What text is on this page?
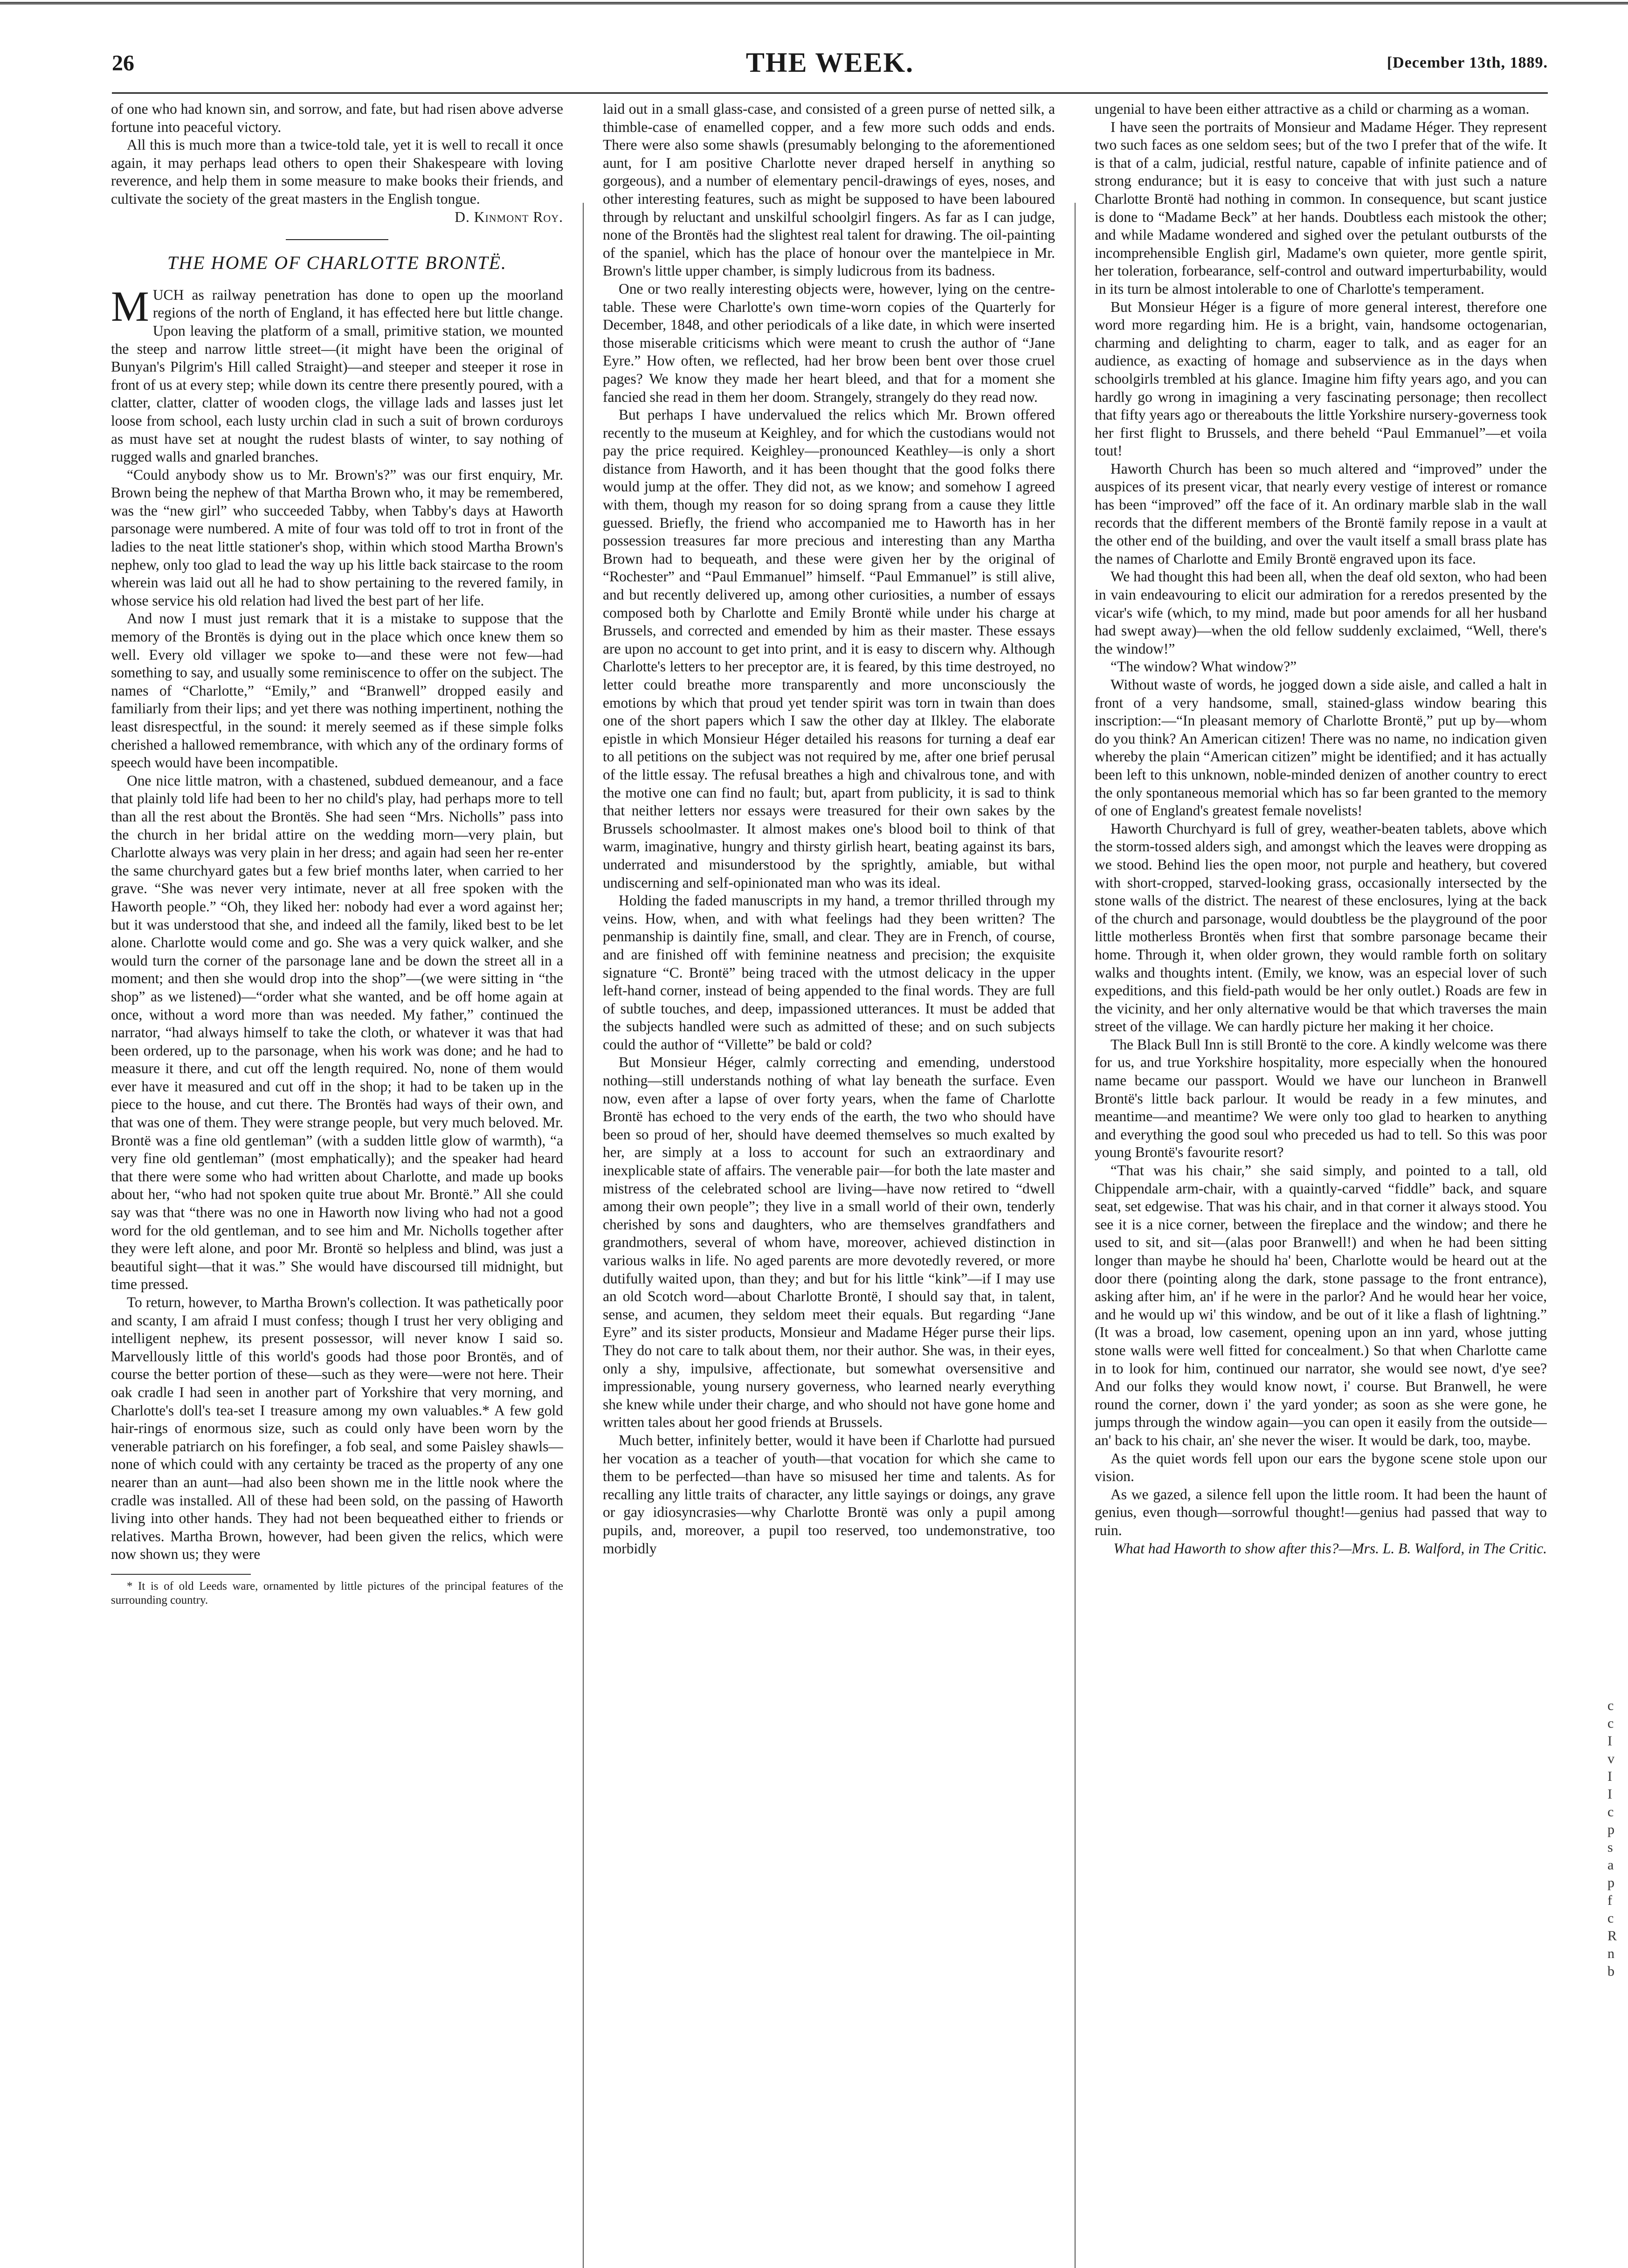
26	THE WEEK.	[December 13th, 1889.

of one who had known sin, and sorrow, and fate, but had risen above adverse fortune into peaceful victory.

All this is much more than a twice-told tale, yet it is well to recall it once again, it may perhaps lead others to open their Shakespeare with loving reverence, and help them in some measure to make books their friends, and cultivate the society of the great masters in the English tongue.

D. Kinmont Roy.

THE HOME OF CHARLOTTE BRONTË.

MUCH as railway penetration has done to open up the moorland regions of the north of England, it has effected here but little change. Upon leaving the platform of a small, primitive station, we mounted the steep and narrow little street—(it might have been the original of Bunyan's Pilgrim's Hill called Straight)—and steeper and steeper it rose in front of us at every step; while down its centre there presently poured, with a clatter, clatter, clatter of wooden clogs, the village lads and lasses just let loose from school, each lusty urchin clad in such a suit of brown corduroys as must have set at nought the rudest blasts of winter, to say nothing of rugged walls and gnarled branches.

“Could anybody show us to Mr. Brown's?” was our first enquiry, Mr. Brown being the nephew of that Martha Brown who, it may be remembered, was the “new girl” who succeeded Tabby, when Tabby's days at Haworth parsonage were numbered. A mite of four was told off to trot in front of the ladies to the neat little stationer's shop, within which stood Martha Brown's nephew, only too glad to lead the way up his little back staircase to the room wherein was laid out all he had to show pertaining to the revered family, in whose service his old relation had lived the best part of her life.

And now I must just remark that it is a mistake to suppose that the memory of the Brontës is dying out in the place which once knew them so well. Every old villager we spoke to—and these were not few—had something to say, and usually some reminiscence to offer on the subject. The names of “Charlotte,” “Emily,” and “Branwell” dropped easily and familiarly from their lips; and yet there was nothing impertinent, nothing the least disrespectful, in the sound: it merely seemed as if these simple folks cherished a hallowed remembrance, with which any of the ordinary forms of speech would have been incompatible.

One nice little matron, with a chastened, subdued demeanour, and a face that plainly told life had been to her no child's play, had perhaps more to tell than all the rest about the Brontës. She had seen “Mrs. Nicholls” pass into the church in her bridal attire on the wedding morn—very plain, but Charlotte always was very plain in her dress; and again had seen her re-enter the same churchyard gates but a few brief months later, when carried to her grave. “She was never very intimate, never at all free spoken with the Haworth people.” “Oh, they liked her: nobody had ever a word against her; but it was understood that she, and indeed all the family, liked best to be let alone. Charlotte would come and go. She was a very quick walker, and she would turn the corner of the parsonage lane and be down the street all in a moment; and then she would drop into the shop”—(we were sitting in “the shop” as we listened)—“order what she wanted, and be off home again at once, without a word more than was needed. My father,” continued the narrator, “had always himself to take the cloth, or whatever it was that had been ordered, up to the parsonage, when his work was done; and he had to measure it there, and cut off the length required. No, none of them would ever have it measured and cut off in the shop; it had to be taken up in the piece to the house, and cut there. The Brontës had ways of their own, and that was one of them. They were strange people, but very much beloved. Mr. Brontë was a fine old gentleman” (with a sudden little glow of warmth), “a very fine old gentleman” (most emphatically); and the speaker had heard that there were some who had written about Charlotte, and made up books about her, “who had not spoken quite true about Mr. Brontë.” All she could say was that “there was no one in Haworth now living who had not a good word for the old gentleman, and to see him and Mr. Nicholls together after they were left alone, and poor Mr. Brontë so helpless and blind, was just a beautiful sight—that it was.” She would have discoursed till midnight, but time pressed.

To return, however, to Martha Brown's collection. It was pathetically poor and scanty, I am afraid I must confess; though I trust her very obliging and intelligent nephew, its present possessor, will never know I said so. Marvellously little of this world's goods had those poor Brontës, and of course the better portion of these—such as they were—were not here. Their oak cradle I had seen in another part of Yorkshire that very morning, and Charlotte's doll's tea-set I treasure among my own valuables.* A few gold hair-rings of enormous size, such as could only have been worn by the venerable patriarch on his forefinger, a fob seal, and some Paisley shawls—none of which could with any certainty be traced as the property of any one nearer than an aunt—had also been shown me in the little nook where the cradle was installed. All of these had been sold, on the passing of Haworth living into other hands. They had not been bequeathed either to friends or relatives. Martha Brown, however, had been given the relics, which were now shown us; they were

* It is of old Leeds ware, ornamented by little pictures of the principal features of the surrounding country.

laid out in a small glass-case, and consisted of a green purse of netted silk, a thimble-case of enamelled copper, and a few more such odds and ends. There were also some shawls (presumably belonging to the aforementioned aunt, for I am positive Charlotte never draped herself in anything so gorgeous), and a number of elementary pencil-drawings of eyes, noses, and other interesting features, such as might be supposed to have been laboured through by reluctant and unskilful schoolgirl fingers. As far as I can judge, none of the Brontës had the slightest real talent for drawing. The oil-painting of the spaniel, which has the place of honour over the mantelpiece in Mr. Brown's little upper chamber, is simply ludicrous from its badness.

One or two really interesting objects were, however, lying on the centre-table. These were Charlotte's own time-worn copies of the Quarterly for December, 1848, and other periodicals of a like date, in which were inserted those miserable criticisms which were meant to crush the author of “Jane Eyre.” How often, we reflected, had her brow been bent over those cruel pages? We know they made her heart bleed, and that for a moment she fancied she read in them her doom. Strangely, strangely do they read now.

But perhaps I have undervalued the relics which Mr. Brown offered recently to the museum at Keighley, and for which the custodians would not pay the price required. Keighley—pronounced Keathley—is only a short distance from Haworth, and it has been thought that the good folks there would jump at the offer. They did not, as we know; and somehow I agreed with them, though my reason for so doing sprang from a cause they little guessed. Briefly, the friend who accompanied me to Haworth has in her possession treasures far more precious and interesting than any Martha Brown had to bequeath, and these were given her by the original of “Rochester” and “Paul Emmanuel” himself. “Paul Emmanuel” is still alive, and but recently delivered up, among other curiosities, a number of essays composed both by Charlotte and Emily Brontë while under his charge at Brussels, and corrected and emended by him as their master. These essays are upon no account to get into print, and it is easy to discern why. Although Charlotte's letters to her preceptor are, it is feared, by this time destroyed, no letter could breathe more transparently and more unconsciously the emotions by which that proud yet tender spirit was torn in twain than does one of the short papers which I saw the other day at Ilkley. The elaborate epistle in which Monsieur Héger detailed his reasons for turning a deaf ear to all petitions on the subject was not required by me, after one brief perusal of the little essay. The refusal breathes a high and chivalrous tone, and with the motive one can find no fault; but, apart from publicity, it is sad to think that neither letters nor essays were treasured for their own sakes by the Brussels schoolmaster. It almost makes one's blood boil to think of that warm, imaginative, hungry and thirsty girlish heart, beating against its bars, underrated and misunderstood by the sprightly, amiable, but withal undiscerning and self-opinionated man who was its ideal.

Holding the faded manuscripts in my hand, a tremor thrilled through my veins. How, when, and with what feelings had they been written? The penmanship is daintily fine, small, and clear. They are in French, of course, and are finished off with feminine neatness and precision; the exquisite signature “C. Brontë” being traced with the utmost delicacy in the upper left-hand corner, instead of being appended to the final words. They are full of subtle touches, and deep, impassioned utterances. It must be added that the subjects handled were such as admitted of these; and on such subjects could the author of “Villette” be bald or cold?

But Monsieur Héger, calmly correcting and emending, understood nothing—still understands nothing of what lay beneath the surface. Even now, even after a lapse of over forty years, when the fame of Charlotte Brontë has echoed to the very ends of the earth, the two who should have been so proud of her, should have deemed themselves so much exalted by her, are simply at a loss to account for such an extraordinary and inexplicable state of affairs. The venerable pair—for both the late master and mistress of the celebrated school are living—have now retired to “dwell among their own people”; they live in a small world of their own, tenderly cherished by sons and daughters, who are themselves grandfathers and grandmothers, several of whom have, moreover, achieved distinction in various walks in life. No aged parents are more devotedly revered, or more dutifully waited upon, than they; and but for his little “kink”—if I may use an old Scotch word—about Charlotte Brontë, I should say that, in talent, sense, and acumen, they seldom meet their equals. But regarding “Jane Eyre” and its sister products, Monsieur and Madame Héger purse their lips. They do not care to talk about them, nor their author. She was, in their eyes, only a shy, impulsive, affectionate, but somewhat oversensitive and impressionable, young nursery governess, who learned nearly everything she knew while under their charge, and who should not have gone home and written tales about her good friends at Brussels.

Much better, infinitely better, would it have been if Charlotte had pursued her vocation as a teacher of youth—that vocation for which she came to them to be perfected—than have so misused her time and talents. As for recalling any little traits of character, any little sayings or doings, any grave or gay idiosyncrasies—why Charlotte Brontë was only a pupil among pupils, and, moreover, a pupil too reserved, too undemonstrative, too morbidly

ungenial to have been either attractive as a child or charming as a woman.

I have seen the portraits of Monsieur and Madame Héger. They represent two such faces as one seldom sees; but of the two I prefer that of the wife. It is that of a calm, judicial, restful nature, capable of infinite patience and of strong endurance; but it is easy to conceive that with just such a nature Charlotte Brontë had nothing in common. In consequence, but scant justice is done to “Madame Beck” at her hands. Doubtless each mistook the other; and while Madame wondered and sighed over the petulant outbursts of the incomprehensible English girl, Madame's own quieter, more gentle spirit, her toleration, forbearance, self-control and outward imperturbability, would in its turn be almost intolerable to one of Charlotte's temperament.

But Monsieur Héger is a figure of more general interest, therefore one word more regarding him. He is a bright, vain, handsome octogenarian, charming and delighting to charm, eager to talk, and as eager for an audience, as exacting of homage and subservience as in the days when schoolgirls trembled at his glance. Imagine him fifty years ago, and you can hardly go wrong in imagining a very fascinating personage; then recollect that fifty years ago or thereabouts the little Yorkshire nursery-governess took her first flight to Brussels, and there beheld “Paul Emmanuel”—et voila tout!

Haworth Church has been so much altered and “improved” under the auspices of its present vicar, that nearly every vestige of interest or romance has been “improved” off the face of it. An ordinary marble slab in the wall records that the different members of the Brontë family repose in a vault at the other end of the building, and over the vault itself a small brass plate has the names of Charlotte and Emily Brontë engraved upon its face.

We had thought this had been all, when the deaf old sexton, who had been in vain endeavouring to elicit our admiration for a reredos presented by the vicar's wife (which, to my mind, made but poor amends for all her husband had swept away)—when the old fellow suddenly exclaimed, “Well, there's the window!”

“The window? What window?”

Without waste of words, he jogged down a side aisle, and called a halt in front of a very handsome, small, stained-glass window bearing this inscription:—“In pleasant memory of Charlotte Brontë,” put up by—whom do you think? An American citizen! There was no name, no indication given whereby the plain “American citizen” might be identified; and it has actually been left to this unknown, noble-minded denizen of another country to erect the only spontaneous memorial which has so far been granted to the memory of one of England's greatest female novelists!

Haworth Churchyard is full of grey, weather-beaten tablets, above which the storm-tossed alders sigh, and amongst which the leaves were dropping as we stood. Behind lies the open moor, not purple and heathery, but covered with short-cropped, starved-looking grass, occasionally intersected by the stone walls of the district. The nearest of these enclosures, lying at the back of the church and parsonage, would doubtless be the playground of the poor little motherless Brontës when first that sombre parsonage became their home. Through it, when older grown, they would ramble forth on solitary walks and thoughts intent. (Emily, we know, was an especial lover of such expeditions, and this field-path would be her only outlet.) Roads are few in the vicinity, and her only alternative would be that which traverses the main street of the village. We can hardly picture her making it her choice.

The Black Bull Inn is still Brontë to the core. A kindly welcome was there for us, and true Yorkshire hospitality, more especially when the honoured name became our passport. Would we have our luncheon in Branwell Brontë's little back parlour. It would be ready in a few minutes, and meantime—and meantime? We were only too glad to hearken to anything and everything the good soul who preceded us had to tell. So this was poor young Brontë's favourite resort?

“That was his chair,” she said simply, and pointed to a tall, old Chippendale arm-chair, with a quaintly-carved “fiddle” back, and square seat, set edgewise. That was his chair, and in that corner it always stood. You see it is a nice corner, between the fireplace and the window; and there he used to sit, and sit—(alas poor Branwell!) and when he had been sitting longer than maybe he should ha' been, Charlotte would be heard out at the door there (pointing along the dark, stone passage to the front entrance), asking after him, an' if he were in the parlor? And he would hear her voice, and he would up wi' this window, and be out of it like a flash of lightning.” (It was a broad, low casement, opening upon an inn yard, whose jutting stone walls were well fitted for concealment.) So that when Charlotte came in to look for him, continued our narrator, she would see nowt, d'ye see? And our folks they would know nowt, i' course. But Branwell, he were round the corner, down i' the yard yonder; as soon as she were gone, he jumps through the window again—you can open it easily from the outside—an' back to his chair, an' she never the wiser. It would be dark, too, maybe.

As the quiet words fell upon our ears the bygone scene stole upon our vision.

As we gazed, a silence fell upon the little room. It had been the haunt of genius, even though—sorrowful thought!—genius had passed that way to ruin.

What had Haworth to show after this?—Mrs. L. B. Walford, in The Critic.

c
c
I
v
I
I
c
p
s
a
p
f
c
R
n
b
